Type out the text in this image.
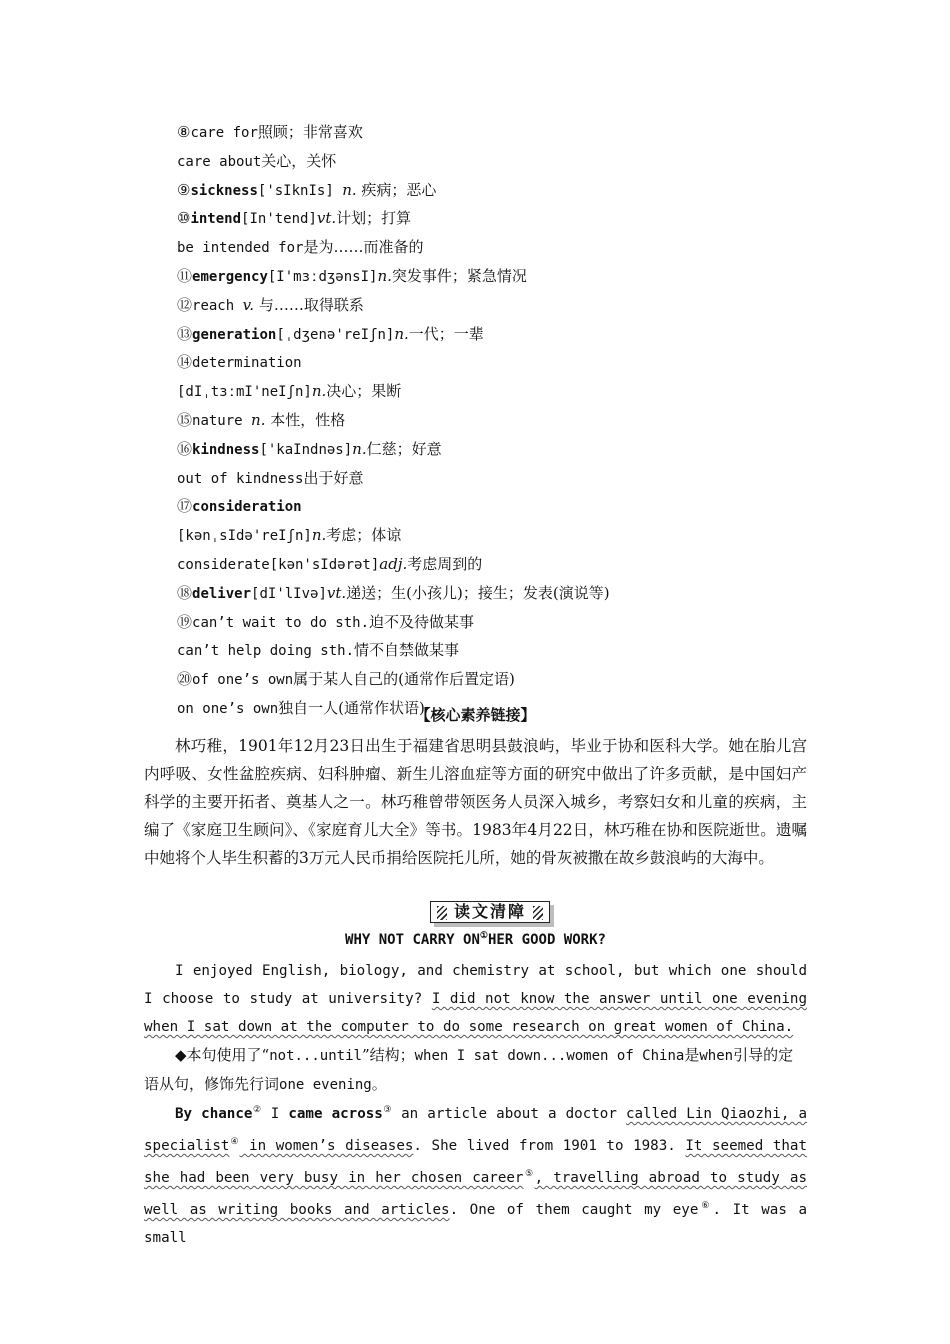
⑧care for照顾；非常喜欢
care about关心，关怀
⑨sickness['sIknIs] n. 疾病；恶心
⑩intend[In'tend]vt.计划；打算
be intended for是为……而准备的
⑪emergency[I'mɜːdʒənsI]n.突发事件；紧急情况
⑫reach v. 与……取得联系
⑬generation[ˌdʒenə'reIʃn]n.一代；一辈
⑭determination
[dIˌtɜːmI'neIʃn]n.决心；果断
⑮nature n. 本性，性格
⑯kindness['kaIndnəs]n.仁慈；好意
out of kindness出于好意
⑰consideration
[kənˌsIdə'reIʃn]n.考虑；体谅
considerate[kən'sIdərət]adj.考虑周到的
⑱deliver[dI'lIvə]vt.递送；生(小孩儿)；接生；发表(演说等)
⑲can’t wait to do sth.迫不及待做某事
can’t help doing sth.情不自禁做某事
⑳of one’s own属于某人自己的(通常作后置定语)
on one’s own独自一人(通常作状语)
【核心素养链接】
林巧稚，1901年12月23日出生于福建省思明县鼓浪屿，毕业于协和医科大学。她在胎儿宫内呼吸、女性盆腔疾病、妇科肿瘤、新生儿溶血症等方面的研究中做出了许多贡献，是中国妇产科学的主要开拓者、奠基人之一。林巧稚曾带领医务人员深入城乡，考察妇女和儿童的疾病，主编了《家庭卫生顾问》、《家庭育儿大全》等书。1983年4月22日，林巧稚在协和医院逝世。遗嘱中她将个人毕生积蓄的3万元人民币捐给医院托儿所，她的骨灰被撒在故乡鼓浪屿的大海中。
读文清障
WHY NOT CARRY ON①HER GOOD WORK?
I enjoyed English, biology, and chemistry at school, but which one should I choose to study at university? I did not know the answer until one evening when I sat down at the computer to do some research on great women of China.
◆本句使用了“not...until”结构；when I sat down...women of China是when引导的定语从句，修饰先行词one evening。
By chance② I came across③ an article about a doctor called Lin Qiaozhi, a specialist④ in women’s diseases. She lived from 1901 to 1983. It seemed that she had been very busy in her chosen career⑤, travelling abroad to study as well as writing books and articles. One of them caught my eye⑥. It was a small
